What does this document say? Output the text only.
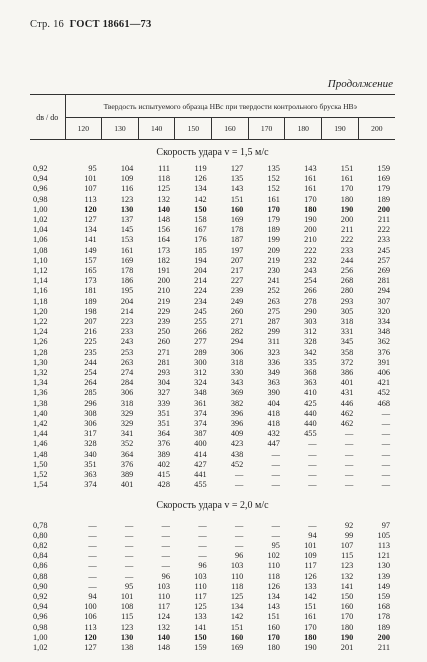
Стр. 16 ГОСТ 18661—73
Продолжение
dв / dо	Твердость испытуемого образца HBс при твердости контрольного бруска HBэ								
	120	130	140	150	160	170	180	190	200
Скорость удара v = 1,5 м/с									
0,92	95	104	111	119	127	135	143	151	159
0,94	101	109	118	126	135	152	161	161	169
0,96	107	116	125	134	143	152	161	170	179
0,98	113	123	132	142	151	161	170	180	189
1,00	120	130	140	150	160	170	180	190	200
1,02	127	137	148	158	169	179	190	200	211
1,04	134	145	156	167	178	189	200	211	222
1,06	141	153	164	176	187	199	210	222	233
1,08	149	161	173	185	197	209	222	233	245
1,10	157	169	182	194	207	219	232	244	257
1,12	165	178	191	204	217	230	243	256	269
1,14	173	186	200	214	227	241	254	268	281
1,16	181	195	210	224	239	252	266	280	294
1,18	189	204	219	234	249	263	278	293	307
1,20	198	214	229	245	260	275	290	305	320
1,22	207	223	239	255	271	287	303	318	334
1,24	216	233	250	266	282	299	312	331	348
1,26	225	243	260	277	294	311	328	345	362
1,28	235	253	271	289	306	323	342	358	376
1,30	244	263	281	300	318	336	335	372	391
1,32	254	274	293	312	330	349	368	386	406
1,34	264	284	304	324	343	363	363	401	421
1,36	285	306	327	348	369	390	410	431	452
1,38	296	318	339	361	382	404	425	446	468
1,40	308	329	351	374	396	418	440	462	—
1,42	306	329	351	374	396	418	440	462	—
1,44	317	341	364	387	409	432	455	—	—
1,46	328	352	376	400	423	447	—	—	—
1,48	340	364	389	414	438	—	—	—	—
1,50	351	376	402	427	452	—	—	—	—
1,52	363	389	415	441	—	—	—	—	—
1,54	374	401	428	455	—	—	—	—	—
Скорость удара v = 2,0 м/с									
0,78	—	—	—	—	—	—	—	92	97
0,80	—	—	—	—	—	—	94	99	105
0,82	—	—	—	—	—	95	101	107	113
0,84	—	—	—	—	96	102	109	115	121
0,86	—	—	—	96	103	110	117	123	130
0,88	—	—	96	103	110	118	126	132	139
0,90	—	95	103	110	118	126	133	141	149
0,92	94	101	110	117	125	134	142	150	159
0,94	100	108	117	125	134	143	151	160	168
0,96	106	115	124	133	142	151	161	170	178
0,98	113	123	132	141	151	160	170	180	189
1,00	120	130	140	150	160	170	180	190	200
1,02	127	138	148	159	169	180	190	201	211
